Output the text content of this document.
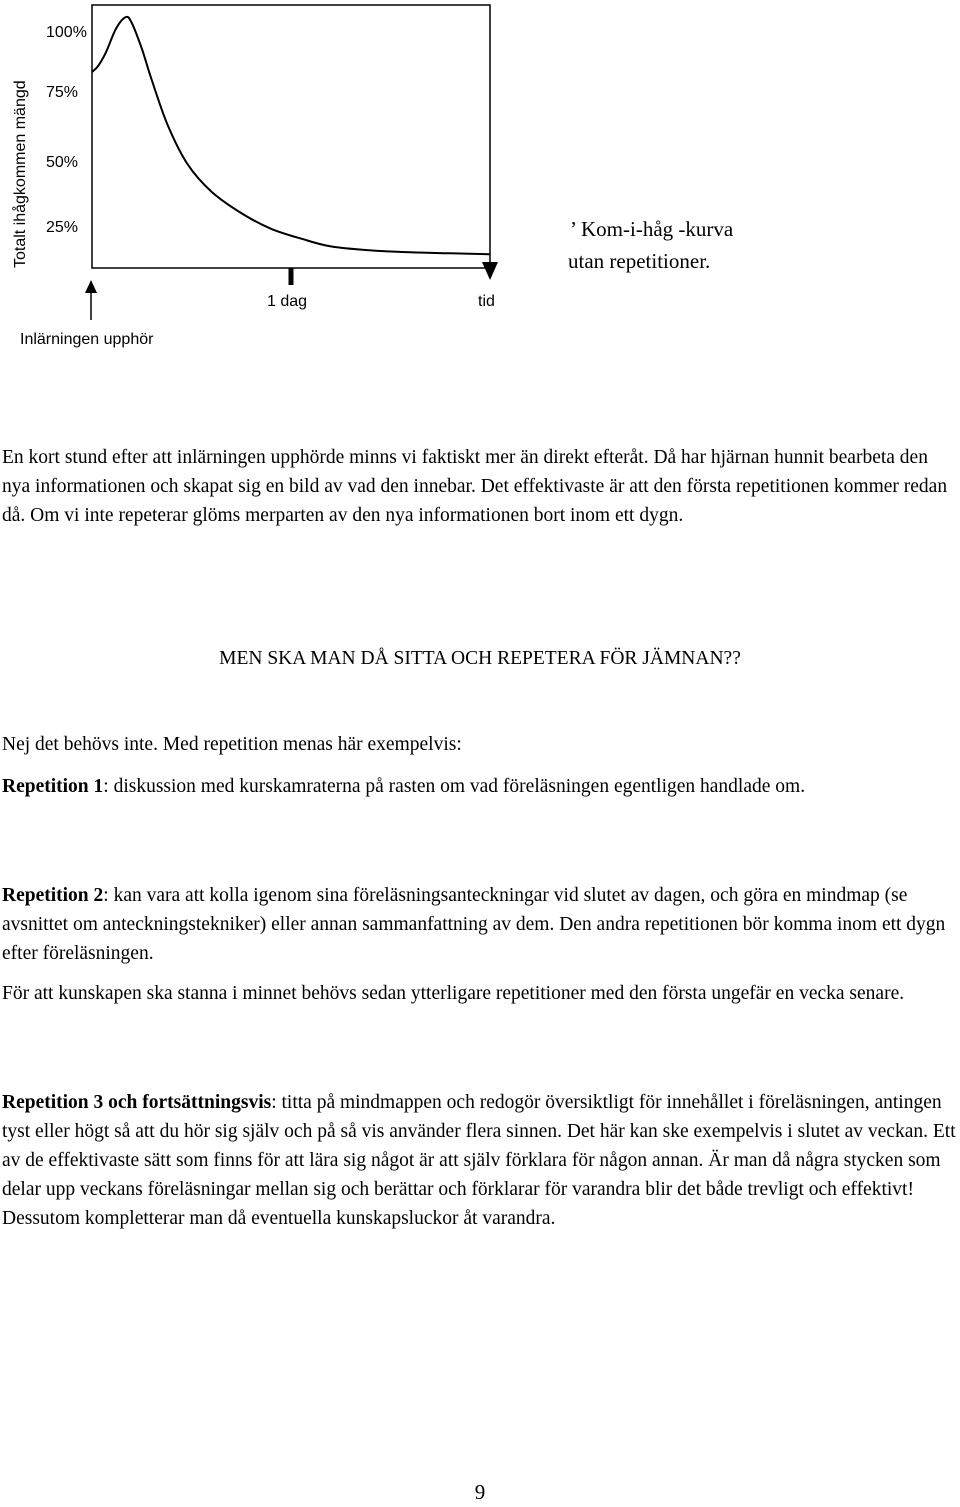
Totalt ihågkommen mängd
100%
75%
50%
25%
1 dag	tid
Inlärningen upphör
’ Kom-i-håg -kurva
utan repetitioner.

En kort stund efter att inlärningen upphörde minns vi faktiskt mer än direkt efteråt. Då har hjärnan hunnit bearbeta den nya informationen och skapat sig en bild av vad den innebar. Det effektivaste är att den första repetitionen kommer redan då. Om vi inte repeterar glöms merparten av den nya informationen bort inom ett dygn.

MEN SKA MAN DÅ SITTA OCH REPETERA FÖR JÄMNAN??

Nej det behövs inte. Med repetition menas här exempelvis:

Repetition 1: diskussion med kurskamraterna på rasten om vad föreläsningen egentligen handlade om.

Repetition 2: kan vara att kolla igenom sina föreläsningsanteckningar vid slutet av dagen, och göra en mindmap (se avsnittet om anteckningstekniker) eller annan sammanfattning av dem. Den andra repetitionen bör komma inom ett dygn efter föreläsningen.

För att kunskapen ska stanna i minnet behövs sedan ytterligare repetitioner med den första ungefär en vecka senare.

Repetition 3 och fortsättningsvis: titta på mindmappen och redogör översiktligt för innehållet i föreläsningen, antingen tyst eller högt så att du hör sig själv och på så vis använder flera sinnen. Det här kan ske exempelvis i slutet av veckan. Ett av de effektivaste sätt som finns för att lära sig något är att själv förklara för någon annan. Är man då några stycken som delar upp veckans föreläsningar mellan sig och berättar och förklarar för varandra blir det både trevligt och effektivt! Dessutom kompletterar man då eventuella kunskapsluckor åt varandra.

9
